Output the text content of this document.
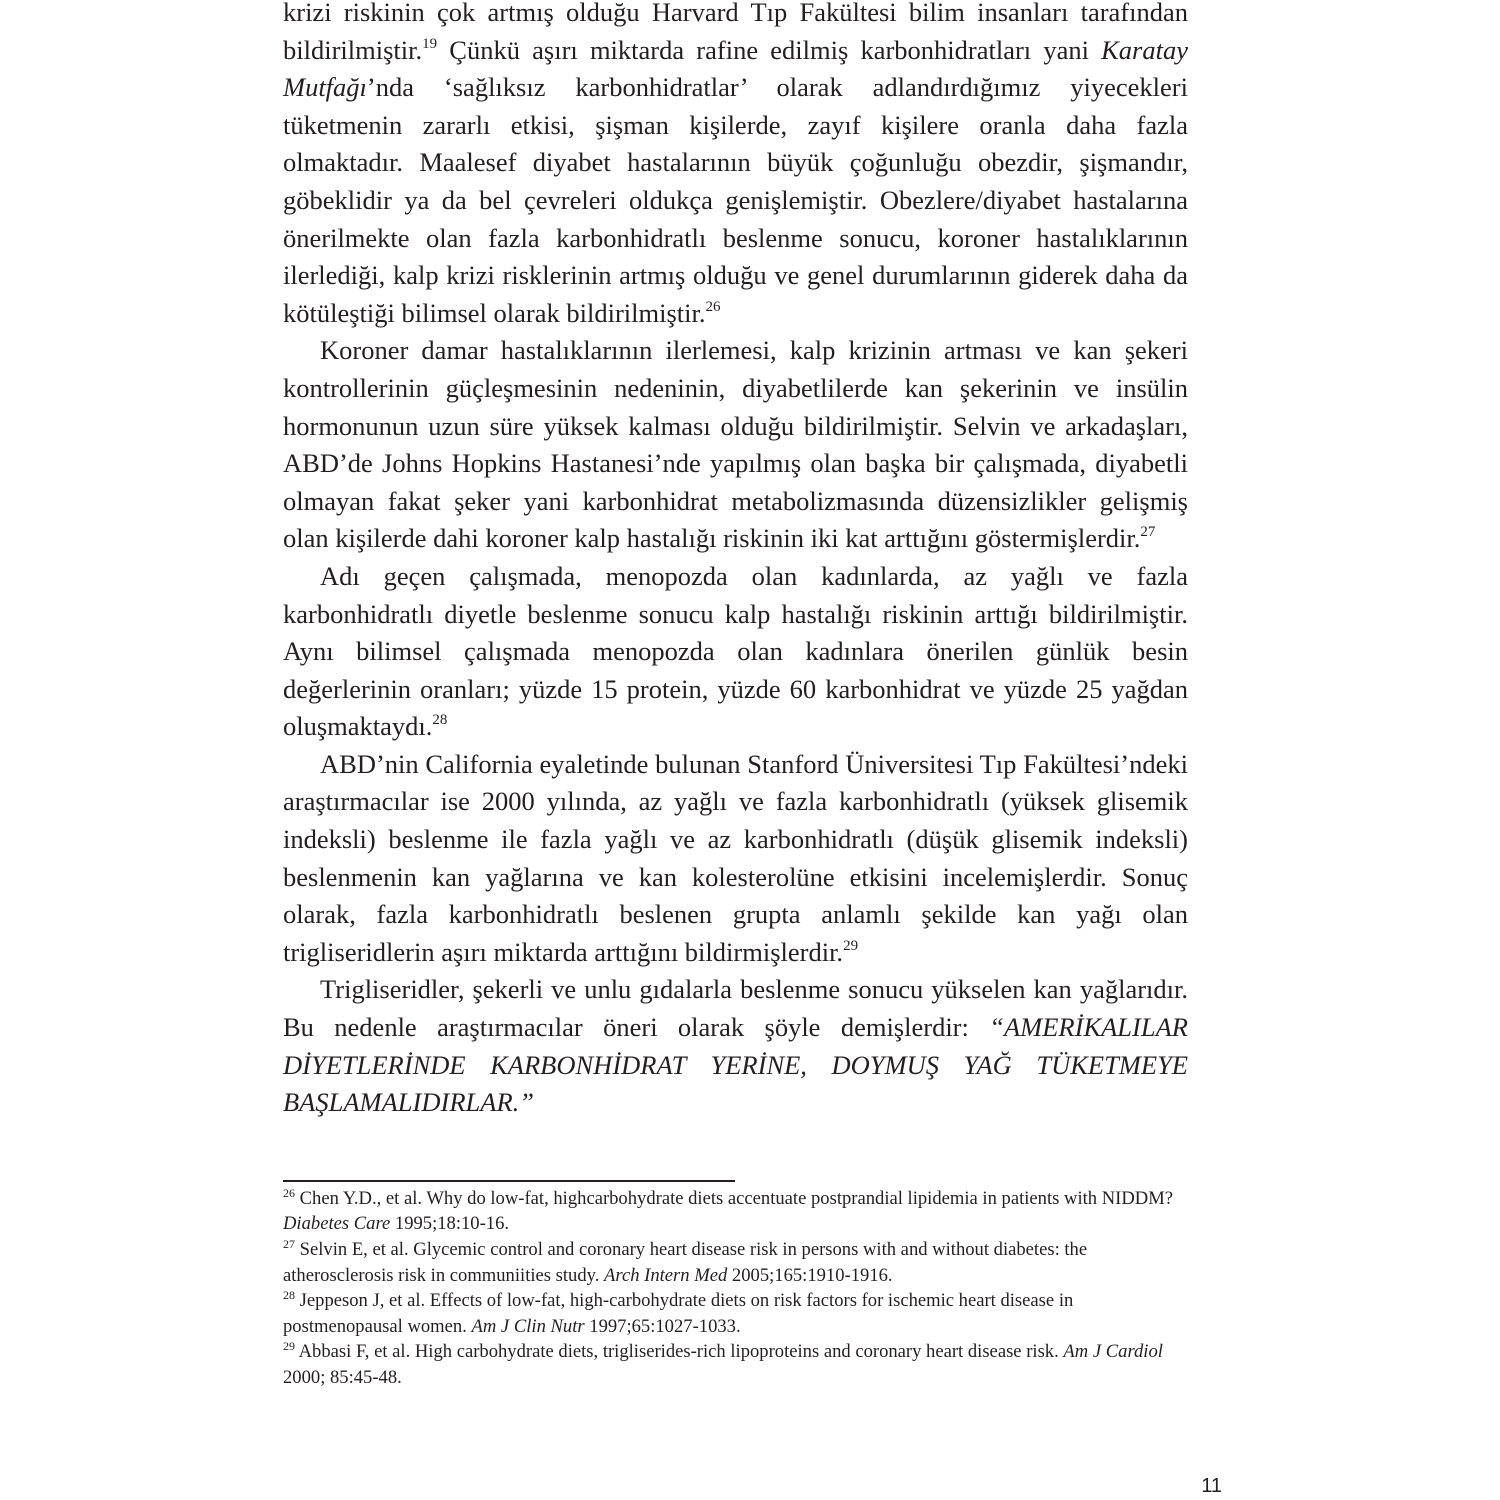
krizi riskinin çok artmış olduğu Harvard Tıp Fakültesi bilim insanları tarafından bildirilmiştir.$^{19}$ Çünkü aşırı miktarda rafine edilmiş karbonhidratları yani Karatay Mutfağı’nda ‘sağlıksız karbonhidratlar’ olarak adlandırdığımız yiyecekleri tüketmenin zararlı etkisi, şişman kişilerde, zayıf kişilere oranla daha fazla olmaktadır. Maalesef diyabet hastalarının büyük çoğunluğu obezdir, şişmandır, göbeklidir ya da bel çevreleri oldukça genişlemiştir. Obezlere/diyabet hastalarına önerilmekte olan fazla karbonhidratlı beslenme sonucu, koroner hastalıklarının ilerlediği, kalp krizi risklerinin artmış olduğu ve genel durumlarının giderek daha da kötüleştiği bilimsel olarak bildirilmiştir.$^{26}$

Koroner damar hastalıklarının ilerlemesi, kalp krizinin artması ve kan şekeri kontrollerinin güçleşmesinin nedeninin, diyabetlilerde kan şekerinin ve insülin hormonunun uzun süre yüksek kalması olduğu bildirilmiştir. Selvin ve arkadaşları, ABD’de Johns Hopkins Hastanesi’nde yapılmış olan başka bir çalışmada, diyabetli olmayan fakat şeker yani karbonhidrat metabolizmasında düzensizlikler gelişmiş olan kişilerde dahi koroner kalp hastalığı riskinin iki kat arttığını göstermişlerdir.$^{27}$

Adı geçen çalışmada, menopozda olan kadınlarda, az yağlı ve fazla karbonhidratlı diyetle beslenme sonucu kalp hastalığı riskinin arttığı bildirilmiştir. Aynı bilimsel çalışmada menopozda olan kadınlara önerilen günlük besin değerlerinin oranları; yüzde 15 protein, yüzde 60 karbonhidrat ve yüzde 25 yağdan oluşmaktaydı.$^{28}$

ABD’nin California eyaletinde bulunan Stanford Üniversitesi Tıp Fakültesi’ndeki araştırmacılar ise 2000 yılında, az yağlı ve fazla karbonhidratlı (yüksek glisemik indeksli) beslenme ile fazla yağlı ve az karbonhidratlı (düşük glisemik indeksli) beslenmenin kan yağlarına ve kan kolesterolüne etkisini incelemişlerdir. Sonuç olarak, fazla karbonhidratlı beslenen grupta anlamlı şekilde kan yağı olan trigliseridlerin aşırı miktarda arttığını bildirmişlerdir.$^{29}$

Trigliseridler, şekerli ve unlu gıdalarla beslenme sonucu yükselen kan yağlarıdır. Bu nedenle araştırmacılar öneri olarak şöyle demişlerdir: “AMERİKALILAR DİYETLERİNDE KARBONHİDRAT YERİNE, DOYMUŞ YAĞ TÜKETMEYE BAŞLAMALIDIRLAR.”

$^{26}$ Chen Y.D., et al. Why do low-fat, highcarbohydrate diets accentuate postprandial lipidemia in patients with NIDDM? Diabetes Care 1995;18:10-16.

$^{27}$ Selvin E, et al. Glycemic control and coronary heart disease risk in persons with and without diabetes: the atherosclerosis risk in communiities study. Arch Intern Med 2005;165:1910-1916.

$^{28}$ Jeppeson J, et al. Effects of low-fat, high-carbohydrate diets on risk factors for ischemic heart disease in postmenopausal women. Am J Clin Nutr 1997;65:1027-1033.

$^{29}$ Abbasi F, et al. High carbohydrate diets, trigliserides-rich lipoproteins and coronary heart disease risk. Am J Cardiol 2000; 85:45-48.

11
